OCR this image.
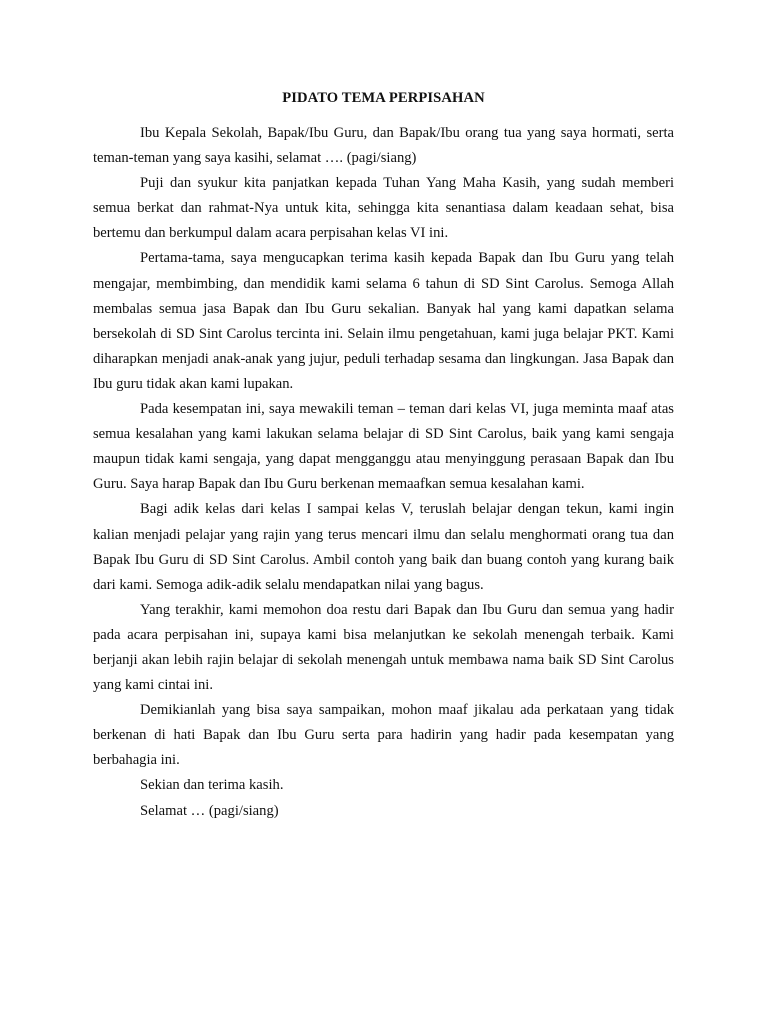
PIDATO TEMA PERPISAHAN

Ibu Kepala Sekolah, Bapak/Ibu Guru, dan Bapak/Ibu orang tua yang saya hormati, serta teman-teman yang saya kasihi, selamat …. (pagi/siang)

Puji dan syukur kita panjatkan kepada Tuhan Yang Maha Kasih, yang sudah memberi semua berkat dan rahmat-Nya untuk kita, sehingga kita senantiasa dalam keadaan sehat, bisa bertemu dan berkumpul dalam acara perpisahan kelas VI ini.

Pertama-tama, saya mengucapkan terima kasih kepada Bapak dan Ibu Guru yang telah mengajar, membimbing, dan mendidik kami selama 6 tahun di SD Sint Carolus. Semoga Allah membalas semua jasa Bapak dan Ibu Guru sekalian. Banyak hal yang kami dapatkan selama bersekolah di SD Sint Carolus tercinta ini. Selain ilmu pengetahuan, kami juga belajar PKT. Kami diharapkan menjadi anak-anak yang jujur, peduli terhadap sesama dan lingkungan. Jasa Bapak dan Ibu guru tidak akan kami lupakan.

Pada kesempatan ini, saya mewakili teman – teman dari kelas VI, juga meminta maaf atas semua kesalahan yang kami lakukan selama belajar di SD Sint Carolus, baik yang kami sengaja maupun tidak kami sengaja, yang dapat mengganggu atau menyinggung perasaan Bapak dan Ibu Guru. Saya harap Bapak dan Ibu Guru berkenan memaafkan semua kesalahan kami.

Bagi adik kelas dari kelas I sampai kelas V, teruslah belajar dengan tekun, kami ingin kalian menjadi pelajar yang rajin yang terus mencari ilmu dan selalu menghormati orang tua dan Bapak Ibu Guru di SD Sint Carolus. Ambil contoh yang baik dan buang contoh yang kurang baik dari kami. Semoga adik-adik selalu mendapatkan nilai yang bagus.

Yang terakhir, kami memohon doa restu dari Bapak dan Ibu Guru dan semua yang hadir pada acara perpisahan ini, supaya kami bisa melanjutkan ke sekolah menengah terbaik. Kami berjanji akan lebih rajin belajar di sekolah menengah untuk membawa nama baik SD Sint Carolus yang kami cintai ini.

Demikianlah yang bisa saya sampaikan, mohon maaf jikalau ada perkataan yang tidak berkenan di hati Bapak dan Ibu Guru serta para hadirin yang hadir pada kesempatan yang berbahagia ini.

Sekian dan terima kasih.

Selamat … (pagi/siang)
